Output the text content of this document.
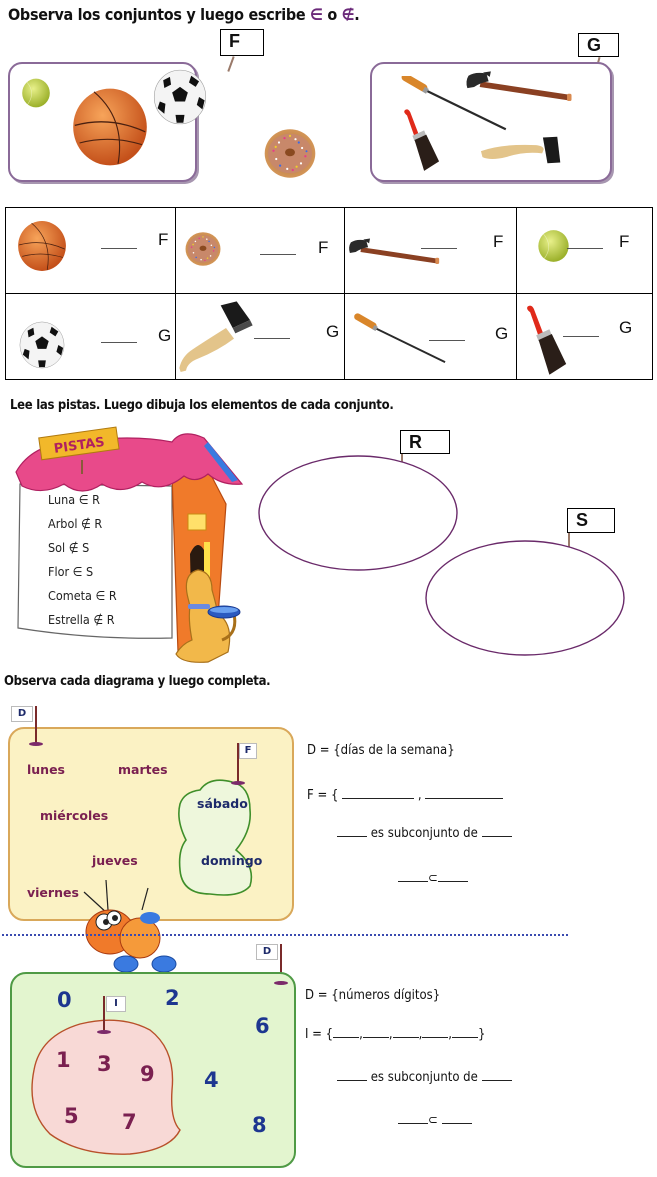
Observa los conjuntos y luego escribe ∈ o ∉.
F	G
F	F	F	F
G	G	G	G
Lee las pistas. Luego dibuja los elementos de cada conjunto.
PISTAS
Luna ∈ R
Arbol ∉ R
Sol ∉ S
Flor ∈ S
Cometa ∈ R
Estrella ∉ R
R
S
Observa cada diagrama y luego completa.
D
F
lunes	martes
miércoles
jueves
viernes
sábado
domingo
D = {días de la semana}
F = {	,
es subconjunto de
⊂
D
I
0	2
6
4
8
1 3 9
5 7
D = {números dígitos}
I = { , , , , }
es subconjunto de
⊂
